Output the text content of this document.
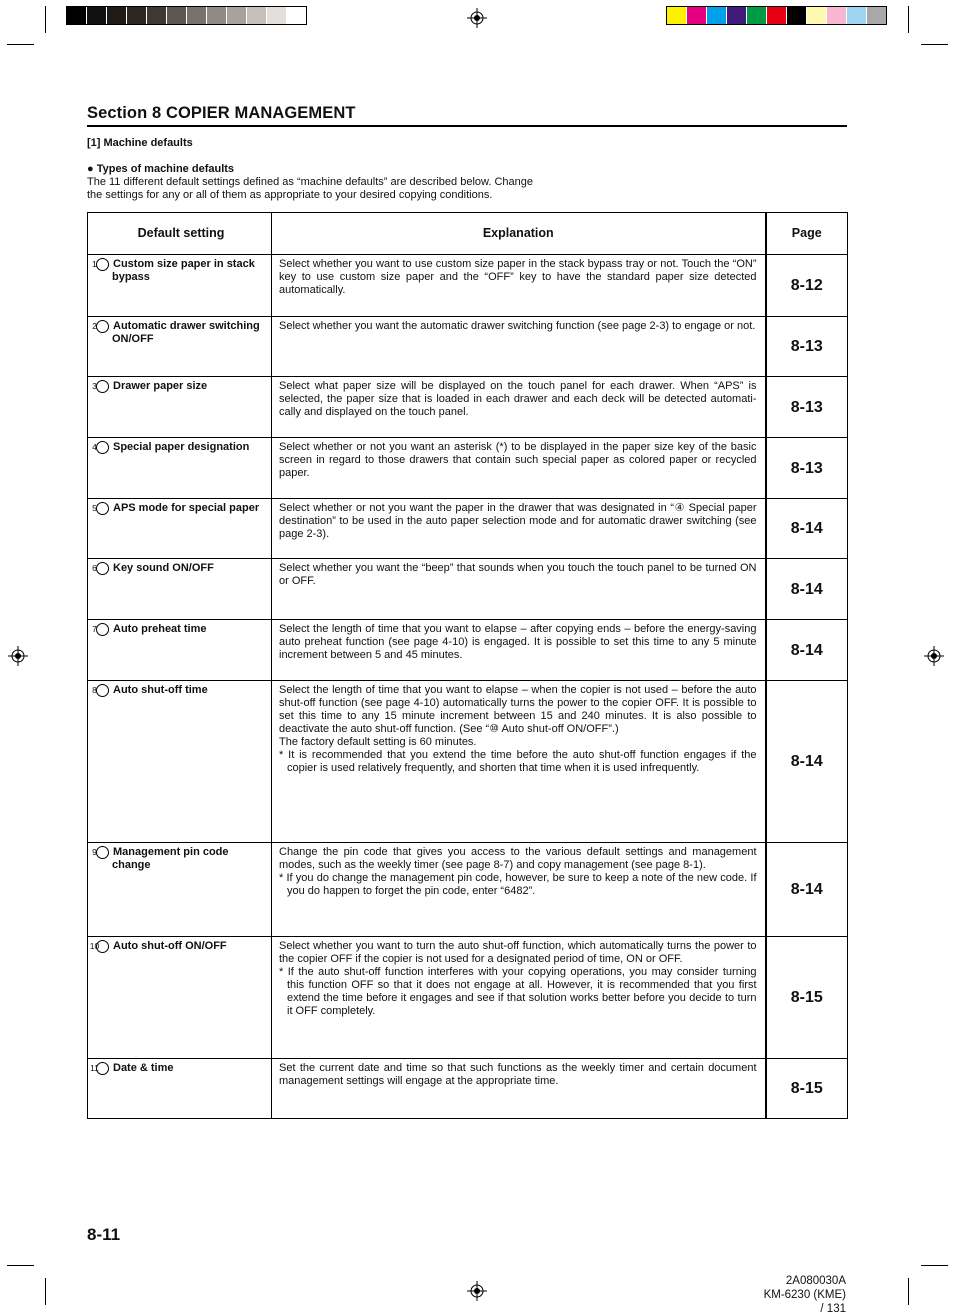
Section 8 COPIER MANAGEMENT
[1] Machine defaults
● Types of machine defaults
The 11 different default settings defined as “machine defaults” are described below. Change
the settings for any or all of them as appropriate to your desired copying conditions.
Default setting	Explanation	Page

1 Custom size paper in stack bypass	Select whether you want to use custom size paper in the stack bypass tray or not. Touch the “ON” key to use custom size paper and the “OFF” key to have the standard paper size detected automatically.	8-12

2 Automatic drawer switching ON/OFF	Select whether you want the automatic drawer switching function (see page 2-3) to engage or not.	8-13

3 Drawer paper size	Select what paper size will be displayed on the touch panel for each drawer. When “APS” is selected, the paper size that is loaded in each drawer and each deck will be detected automati-cally and displayed on the touch panel.	8-13

4 Special paper designation	Select whether or not you want an asterisk (*) to be displayed in the paper size key of the basic screen in regard to those drawers that contain such special paper as colored paper or recycled paper.	8-13

5 APS mode for special paper	Select whether or not you want the paper in the drawer that was designated in “④ Special paper destination” to be used in the auto paper selection mode and for automatic drawer switching (see page 2-3).	8-14

6 Key sound ON/OFF	Select whether you want the “beep” that sounds when you touch the touch panel to be turned ON or OFF.	8-14

7 Auto preheat time	Select the length of time that you want to elapse – after copying ends – before the energy-saving auto preheat function (see page 4-10) is engaged. It is possible to set this time to any 5 minute increment between 5 and 45 minutes.	8-14

8 Auto shut-off time	Select the length of time that you want to elapse – when the copier is not used – before the auto shut-off function (see page 4-10) automatically turns the power to the copier OFF. It is possible to set this time to any 15 minute increment between 15 and 240 minutes. It is also possible to deactivate the auto shut-off function. (See “⑩ Auto shut-off ON/OFF”.)

The factory default setting is 60 minutes.

* It is recommended that you extend the time before the auto shut-off function engages if the copier is used relatively frequently, and shorten that time when it is used infrequently.	8-14

9 Management pin code change	Change the pin code that gives you access to the various default settings and management modes, such as the weekly timer (see page 8-7) and copy management (see page 8-1).

* If you do change the management pin code, however, be sure to keep a note of the new code. If you do happen to forget the pin code, enter “6482”.	8-14

10 Auto shut-off ON/OFF	Select whether you want to turn the auto shut-off function, which automatically turns the power to the copier OFF if the copier is not used for a designated period of time, ON or OFF.

* If the auto shut-off function interferes with your copying operations, you may consider turning this function OFF so that it does not engage at all. However, it is recommended that you first extend the time before it engages and see if that solution works better before you decide to turn it OFF completely.	8-15

11 Date & time	Set the current date and time so that such functions as the weekly timer and certain document management settings will engage at the appropriate time.	8-15
8-11
2A080030A
KM-6230 (KME)
/ 131
